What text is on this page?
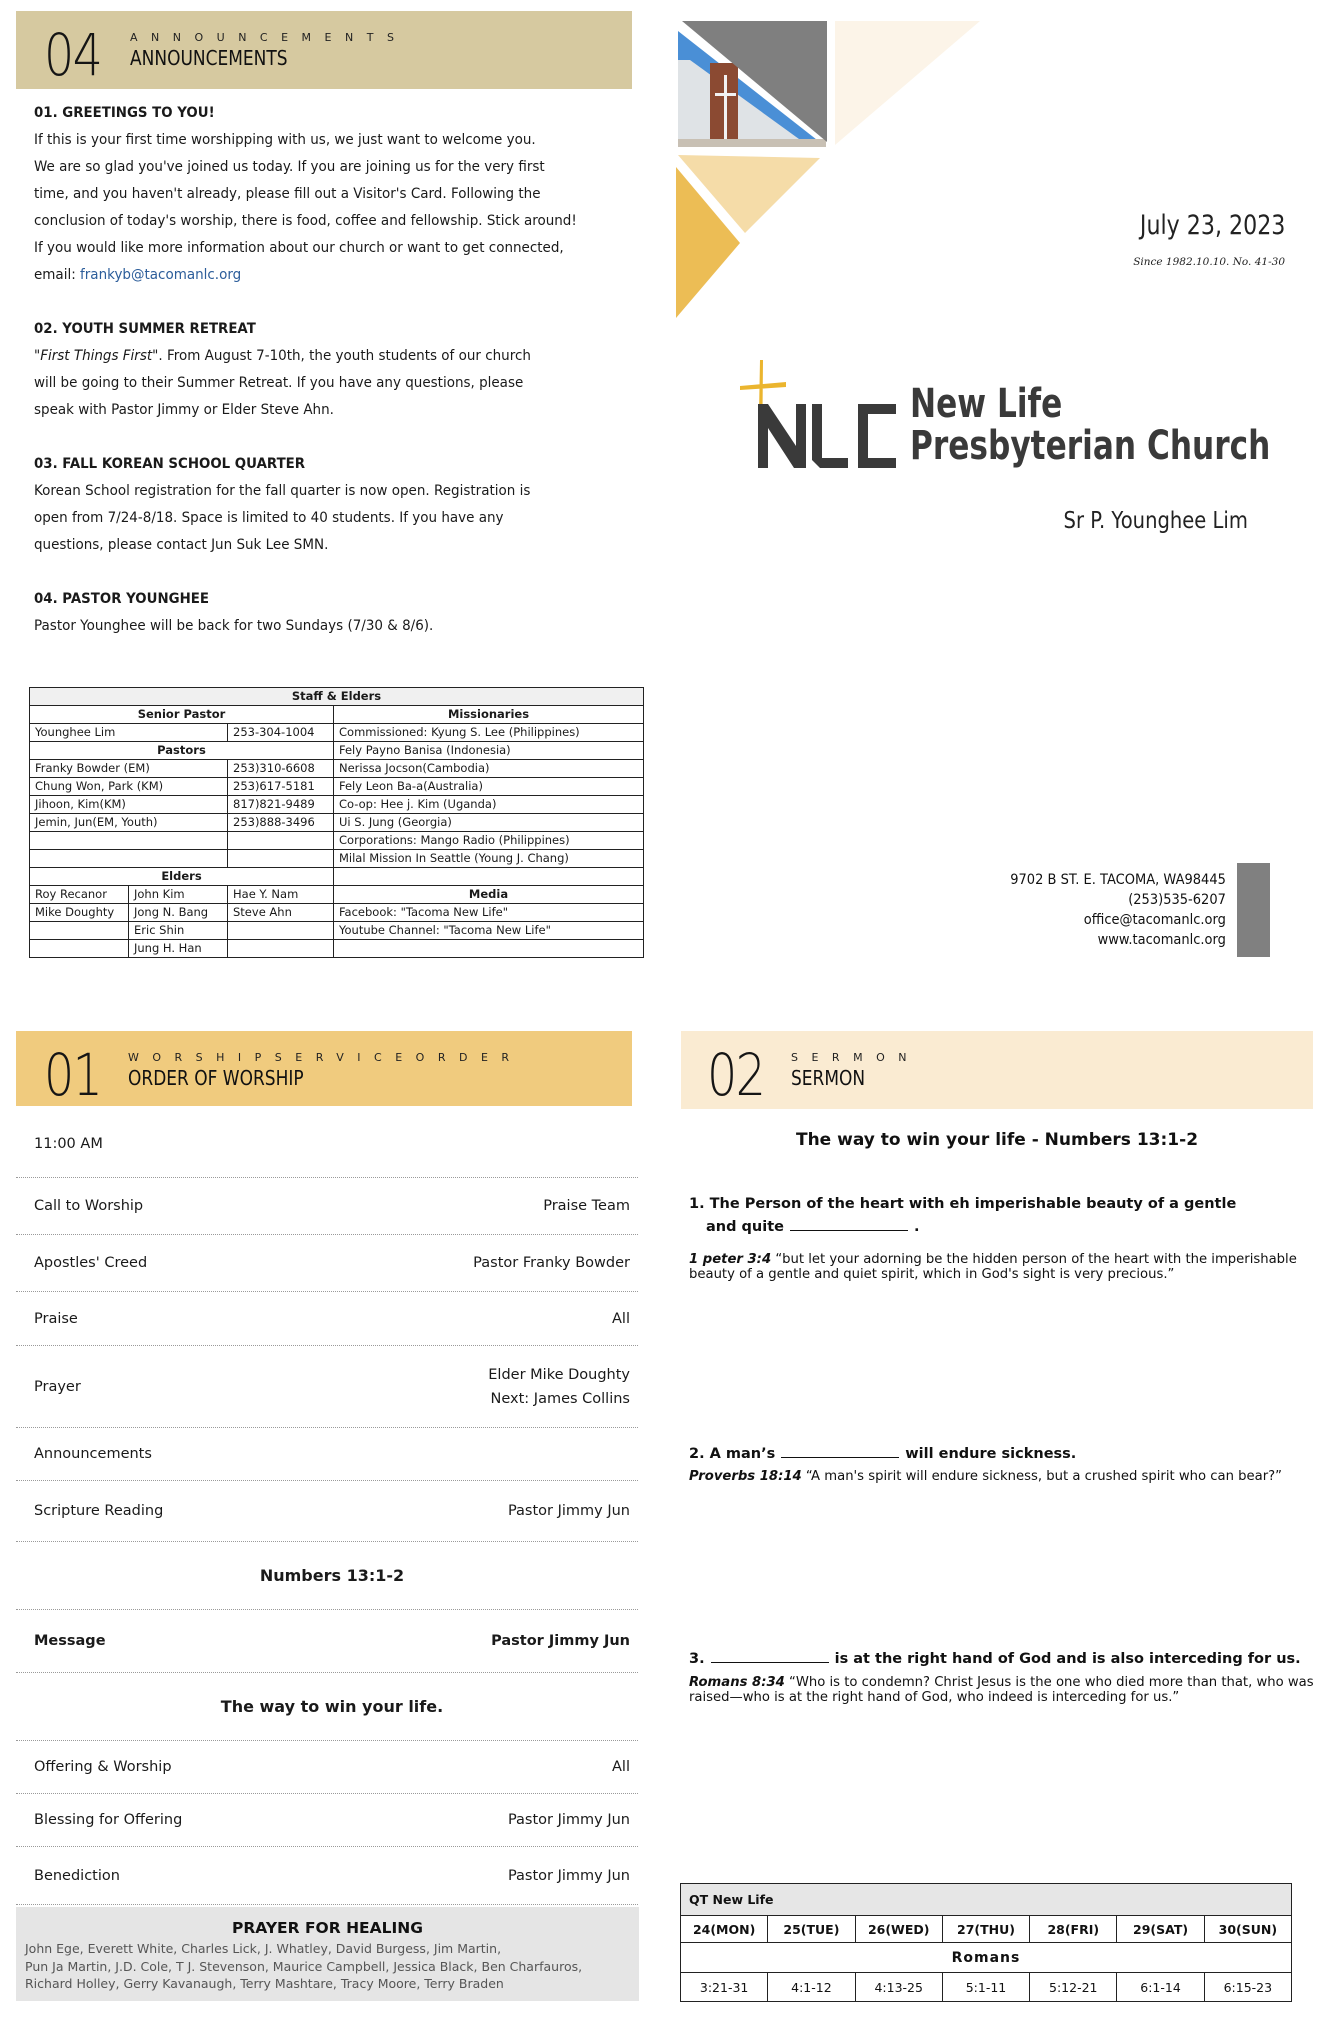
04	ANNOUNCEMENTS
ANNOUNCEMENTS
01. GREETINGS TO YOU!

If this is your first time worshipping with us, we just want to welcome you.
We are so glad you've joined us today. If you are joining us for the very first
time, and you haven't already, please fill out a Visitor's Card. Following the
conclusion of today's worship, there is food, coffee and fellowship. Stick around!
If you would like more information about our church or want to get connected,
email: frankyb@tacomanlc.org

02. YOUTH SUMMER RETREAT

"First Things First". From August 7-10th, the youth students of our church
will be going to their Summer Retreat. If you have any questions, please
speak with Pastor Jimmy or Elder Steve Ahn.

03. FALL KOREAN SCHOOL QUARTER

Korean School registration for the fall quarter is now open. Registration is
open from 7/24-8/18. Space is limited to 40 students. If you have any
questions, please contact Jun Suk Lee SMN.

04. PASTOR YOUNGHEE

Pastor Younghee will be back for two Sundays (7/30 & 8/6).

Staff & Elders			
Senior Pastor			Missionaries
Younghee Lim		253-304-1004	Commissioned: Kyung S. Lee (Philippines)
Pastors			Fely Payno Banisa (Indonesia)
Franky Bowder (EM)		253)310-6608	Nerissa Jocson(Cambodia)
Chung Won, Park (KM)		253)617-5181	Fely Leon Ba-a(Australia)
Jihoon, Kim(KM)		817)821-9489	Co-op: Hee j. Kim (Uganda)
Jemin, Jun(EM, Youth)		253)888-3496	Ui S. Jung (Georgia)
			Corporations: Mango Radio (Philippines)
			Milal Mission In Seattle (Young J. Chang)
Elders			
Roy Recanor	John Kim	Hae Y. Nam	Media
Mike Doughty	Jong N. Bang	Steve Ahn	Facebook: "Tacoma New Life"
	Eric Shin		Youtube Channel: "Tacoma New Life"
	Jung H. Han		
July 23, 2023
Since 1982.10.10. No. 41-30
New Life
Presbyterian Church
Sr P. Younghee Lim
9702 B ST. E. TACOMA, WA98445
(253)535-6207
office@tacomanlc.org
www.tacomanlc.org
01 WORSHIPSERVICEORDER
ORDER OF WORSHIP
11:00 AM
Call to Worship	Praise Team
Apostles' Creed	Pastor Franky Bowder
Praise	All
Prayer
Elder Mike Doughty
Next: James Collins
Announcements
Scripture Reading	Pastor Jimmy Jun
Numbers 13:1-2
Message	Pastor Jimmy Jun
The way to win your life.
Offering & Worship	All
Blessing for Offering	Pastor Jimmy Jun
Benediction	Pastor Jimmy Jun
PRAYER FOR HEALING

John Ege, Everett White, Charles Lick, J. Whatley, David Burgess, Jim Martin,
Pun Ja Martin, J.D. Cole, T J. Stevenson, Maurice Campbell, Jessica Black, Ben Charfauros,
Richard Holley, Gerry Kavanaugh, Terry Mashtare, Tracy Moore, Terry Braden

02 SERMON
SERMON
The way to win your life - Numbers 13:1-2
1. The Person of the heart with eh imperishable beauty of a gentle
and quite	.
1 peter 3:4 “but let your adorning be the hidden person of the heart with the imperishable beauty of a gentle and quiet spirit, which in God's sight is very precious.”
2. A man’s	will endure sickness.
Proverbs 18:14 “A man's spirit will endure sickness, but a crushed spirit who can bear?”
3.	is at the right hand of God and is also interceding for us.
Romans 8:34 “Who is to condemn? Christ Jesus is the one who died more than that, who was raised—who is at the right hand of God, who indeed is interceding for us.”
QT New Life						
24(MON)	25(TUE)	26(WED)	27(THU)	28(FRI)	29(SAT)	30(SUN)
Romans						
3:21-31	4:1-12	4:13-25	5:1-11	5:12-21	6:1-14	6:15-23
